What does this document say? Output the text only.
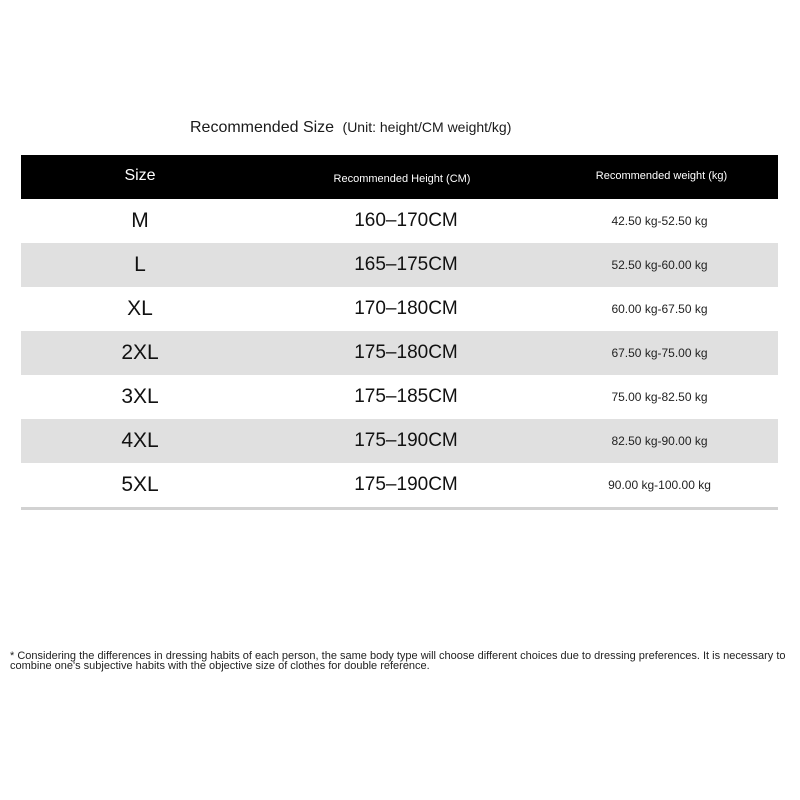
Recommended Size (Unit: height/CM weight/kg)
Size	Recommended Height (CM)	Recommended weight (kg)
M	160–170CM	42.50 kg-52.50 kg
L	165–175CM	52.50 kg-60.00 kg
XL	170–180CM	60.00 kg-67.50 kg
2XL	175–180CM	67.50 kg-75.00 kg
3XL	175–185CM	75.00 kg-82.50 kg
4XL	175–190CM	82.50 kg-90.00 kg
5XL	175–190CM	90.00 kg-100.00 kg
* Considering the differences in dressing habits of each person, the same body type will choose different choices due to dressing preferences. It is necessary to combine one's subjective habits with the objective size of clothes for double reference.
